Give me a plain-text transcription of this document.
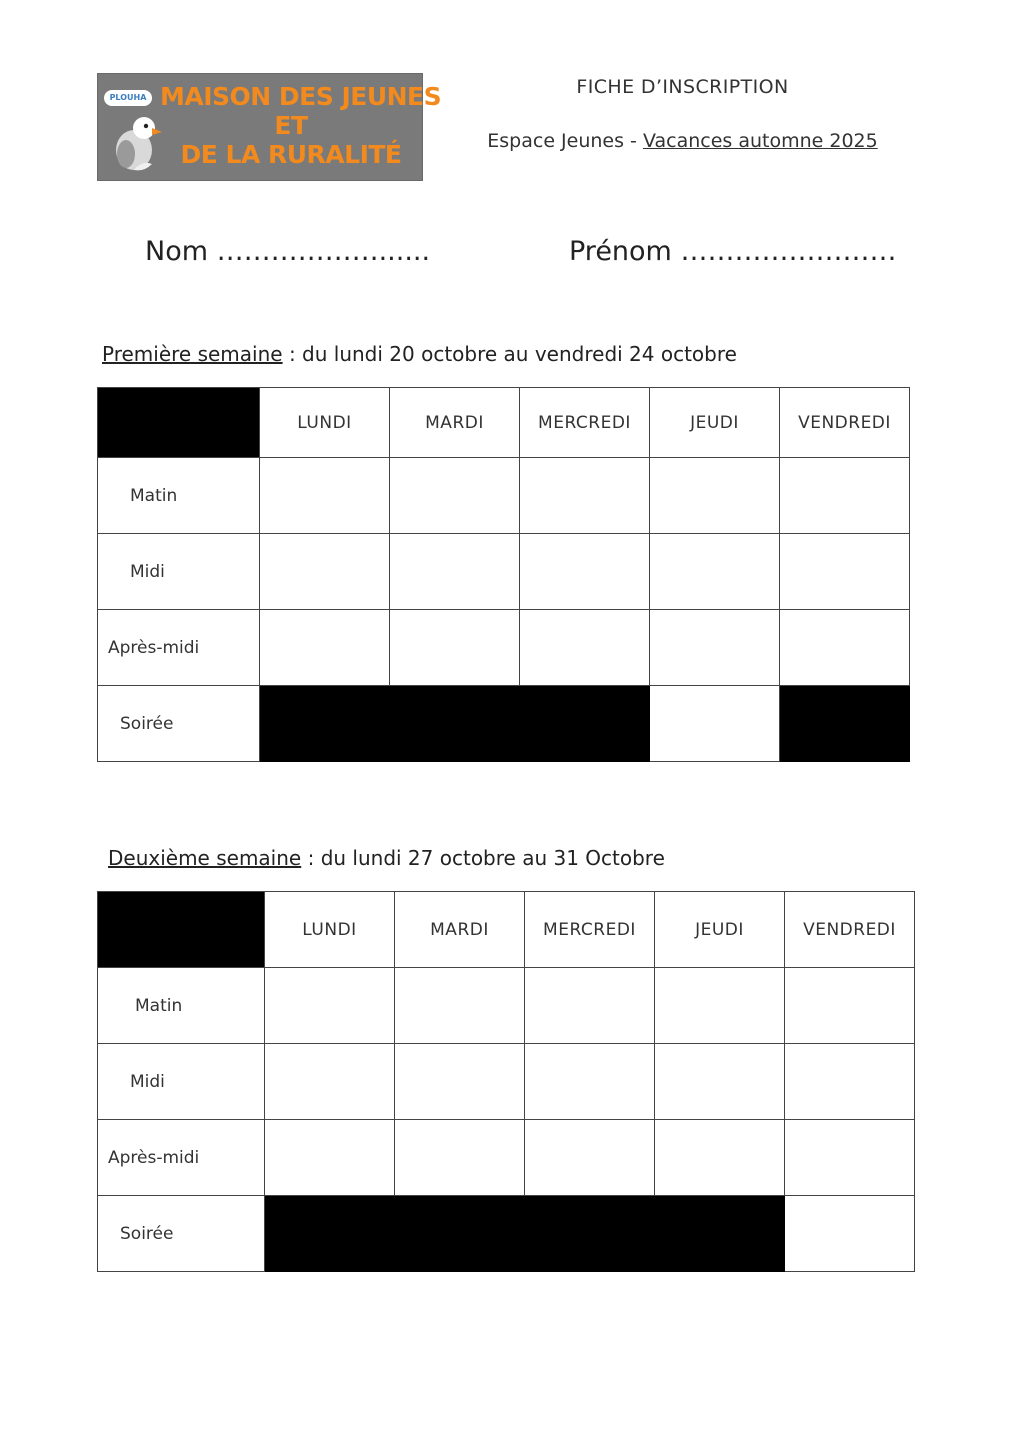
PLOUHA MAISON DES JEUNES
ET
DE LA RURALITÉ
FICHE D’INSCRIPTION
Espace Jeunes - Vacances automne 2025
Nom ………………......	Prénom ……………………
Première semaine : du lundi 20 octobre au vendredi 24 octobre
	LUNDI	MARDI	MERCREDI	JEUDI	VENDREDI
Matin					
Midi					
Après-midi					
Soirée					
Deuxième semaine : du lundi 27 octobre au 31 Octobre
	LUNDI	MARDI	MERCREDI	JEUDI	VENDREDI
Matin					
Midi					
Après-midi					
Soirée					
